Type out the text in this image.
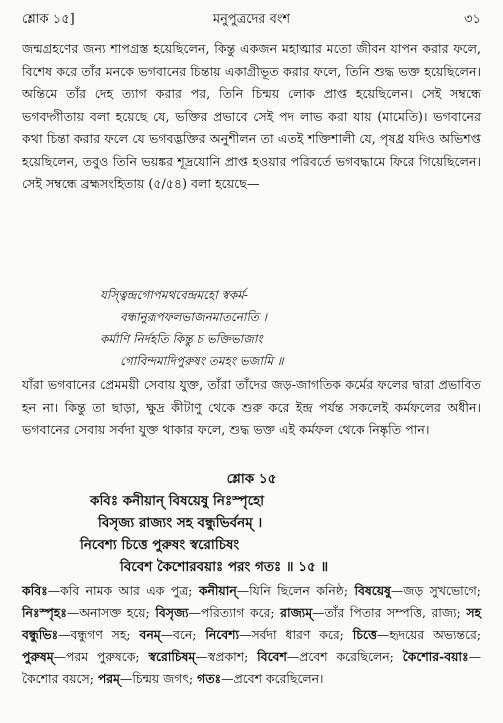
শ্লোক ১৫]	মনুপুত্রদের বংশ	৩১
জন্মগ্রহণের জন্য শাপগ্রস্ত হয়েছিলেন, কিন্তু একজন মহাত্মার মতো জীবন যাপন করার ফলে, বিশেষ করে তাঁর মনকে ভগবানের চিন্তায় একাগ্রীভূত করার ফলে, তিনি শুদ্ধ ভক্ত হয়েছিলেন। অন্তিমে তাঁর দেহ ত্যাগ করার পর, তিনি চিন্ময় লোক প্রাপ্ত হয়েছিলেন। সেই সম্বন্ধে ভগবদ্গীতায় বলা হয়েছে যে, ভক্তির প্রভাবে সেই পদ লাভ করা যায় (মামেতি)। ভগবানের কথা চিন্তা করার ফলে যে ভগবদ্ভক্তির অনুশীলন তা এতই শক্তিশালী যে, পৃষধ্র যদিও অভিশপ্ত হয়েছিলেন, তবুও তিনি ভয়ঙ্কর শূদ্রযোনি প্রাপ্ত হওয়ার পরিবর্তে ভগবদ্ধামে ফিরে গিয়েছিলেন। সেই সম্বন্ধে ব্রহ্মসংহিতায় (৫/৫৪) বলা হয়েছে—
যস্ত্বিন্দ্রগোপমথবেন্দ্রমহো স্বকর্ম-
বন্ধানুরূপফলভাজনমাতনোতি ।
কর্মাণি নির্দহতি কিন্তু চ ভক্তিভাজাং
গোবিন্দমাদিপুরুষং তমহং ভজামি ॥
যাঁরা ভগবানের প্রেমময়ী সেবায় যুক্ত, তাঁরা তাঁদের জড়-জাগতিক কর্মের ফলের দ্বারা প্রভাবিত হন না। কিন্তু তা ছাড়া, ক্ষুদ্র কীটাণু থেকে শুরু করে ইন্দ্র পর্যন্ত সকলেই কর্মফলের অধীন। ভগবানের সেবায় সর্বদা যুক্ত থাকার ফলে, শুদ্ধ ভক্ত এই কর্মফল থেকে নিষ্কৃতি পান।
শ্লোক ১৫
কবিঃ কনীয়ান্ বিষয়েষু নিঃস্পৃহো
বিসৃজ্য রাজ্যং সহ বন্ধুভির্বনম্ ।
নিবেশ্য চিত্তে পুরুষং স্বরোচিষং
বিবেশ কৈশোরবয়াঃ পরং গতঃ ॥ ১৫ ॥
কবিঃ—কবি নামক আর এক পুত্র; কনীয়ান্—যিনি ছিলেন কনিষ্ঠ; বিষয়েষু—জড় সুখভোগে; নিঃস্পৃহঃ—অনাসক্ত হয়ে; বিসৃজ্য—পরিত্যাগ করে; রাজ্যম্—তাঁর পিতার সম্পত্তি, রাজ্য; সহ বন্ধুভিঃ—বন্ধুগণ সহ; বনম্—বনে; নিবেশ্য—সর্বদা ধারণ করে; চিত্তে—হৃদয়ের অভ্যন্তরে; পুরুষম্—পরম পুরুষকে; স্বরোচিষম্—স্বপ্রকাশ; বিবেশ—প্রবেশ করেছিলেন; কৈশোর-বয়াঃ—কৈশোর বয়সে; পরম্—চিন্ময় জগৎ; গতঃ—প্রবেশ করেছিলেন।
